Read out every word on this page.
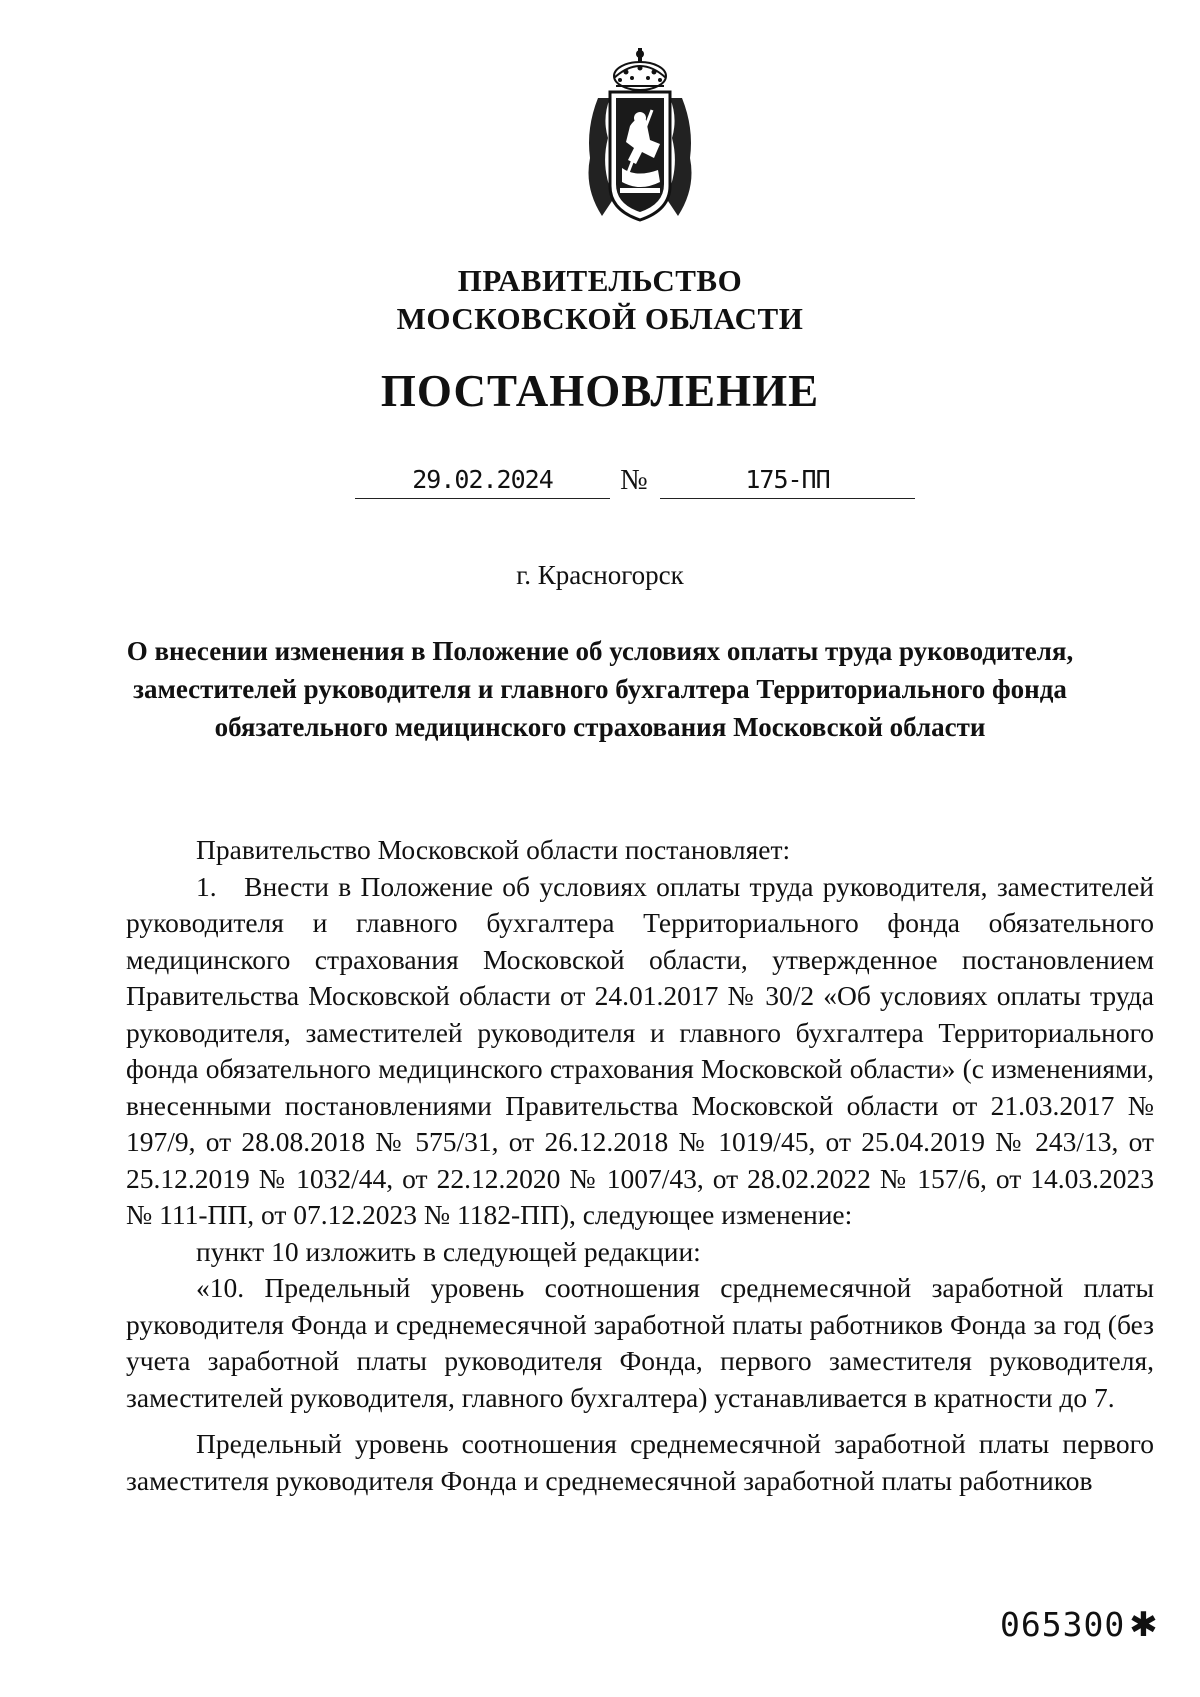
ПРАВИТЕЛЬСТВО
МОСКОВСКОЙ ОБЛАСТИ
ПОСТАНОВЛЕНИЕ
29.02.2024	№	175-ПП
г. Красногорск
О внесении изменения в Положение об условиях оплаты труда руководителя,
заместителей руководителя и главного бухгалтера Территориального фонда
обязательного медицинского страхования Московской области

Правительство Московской области постановляет:

1. Внести в Положение об условиях оплаты труда руководителя, заместителей руководителя и главного бухгалтера Территориального фонда обязательного медицинского страхования Московской области, утвержденное постановлением Правительства Московской области от 24.01.2017 № 30/2 «Об условиях оплаты труда руководителя, заместителей руководителя и главного бухгалтера Территориального фонда обязательного медицинского страхования Московской области» (с изменениями, внесенными постановлениями Правительства Московской области от 21.03.2017 № 197/9, от 28.08.2018 № 575/31, от 26.12.2018 № 1019/45, от 25.04.2019 № 243/13, от 25.12.2019 № 1032/44, от 22.12.2020 № 1007/43, от 28.02.2022 № 157/6, от 14.03.2023 № 111-ПП, от 07.12.2023 № 1182-ПП), следующее изменение:

пункт 10 изложить в следующей редакции:

«10. Предельный уровень соотношения среднемесячной заработной платы руководителя Фонда и среднемесячной заработной платы работников Фонда за год (без учета заработной платы руководителя Фонда, первого заместителя руководителя, заместителей руководителя, главного бухгалтера) устанавливается в кратности до 7.

Предельный уровень соотношения среднемесячной заработной платы первого заместителя руководителя Фонда и среднемесячной заработной платы работников

065300 ✱
